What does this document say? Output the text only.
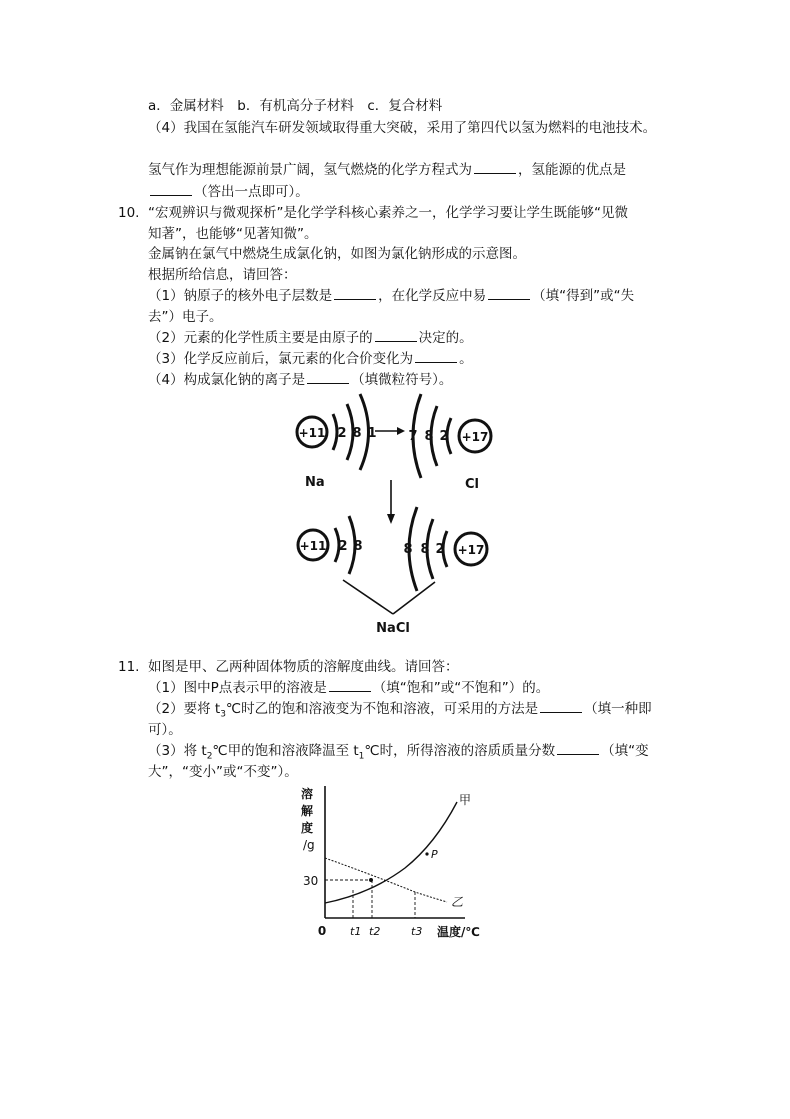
a．金属材料　b．有机高分子材料　c．复合材料
（4）我国在氢能汽车研发领域取得重大突破，采用了第四代以氢为燃料的电池技术。
氢气作为理想能源前景广阔，氢气燃烧的化学方程式为	，氢能源的优点是
（答出一点即可）。
10. “宏观辨识与微观探析”是化学学科核心素养之一，化学学习要让学生既能够“见微
知著”，也能够“见著知微”。
金属钠在氯气中燃烧生成氯化钠，如图为氯化钠形成的示意图。
根据所给信息，请回答：
（1）钠原子的核外电子层数是	，在化学反应中易	（填“得到”或“失
去”）电子。
（2）元素的化学性质主要是由原子的	决定的。
（3）化学反应前后，氯元素的化合价变化为	。
（4）构成氯化钠的离子是	（填微粒符号）。
+11 2 8 1 7 8 2 +17
Na	Cl
+11 2 8	8 8 2 +17
NaCl
11. 如图是甲、乙两种固体物质的溶解度曲线。请回答：
（1）图中P点表示甲的溶液是	（填“饱和”或“不饱和”）的。
（2）要将 $t_3℃$时乙的饱和溶液变为不饱和溶液，可采用的方法是	（填一种即
可）。
（3）将 $t_2℃$甲的饱和溶液降温至 $t_1℃$时，所得溶液的溶质质量分数	（填“变
大”，“变小”或“不变”）。
溶
解
度
/g
30
0 t1 t2	t3 温度/℃
甲
乙
P
